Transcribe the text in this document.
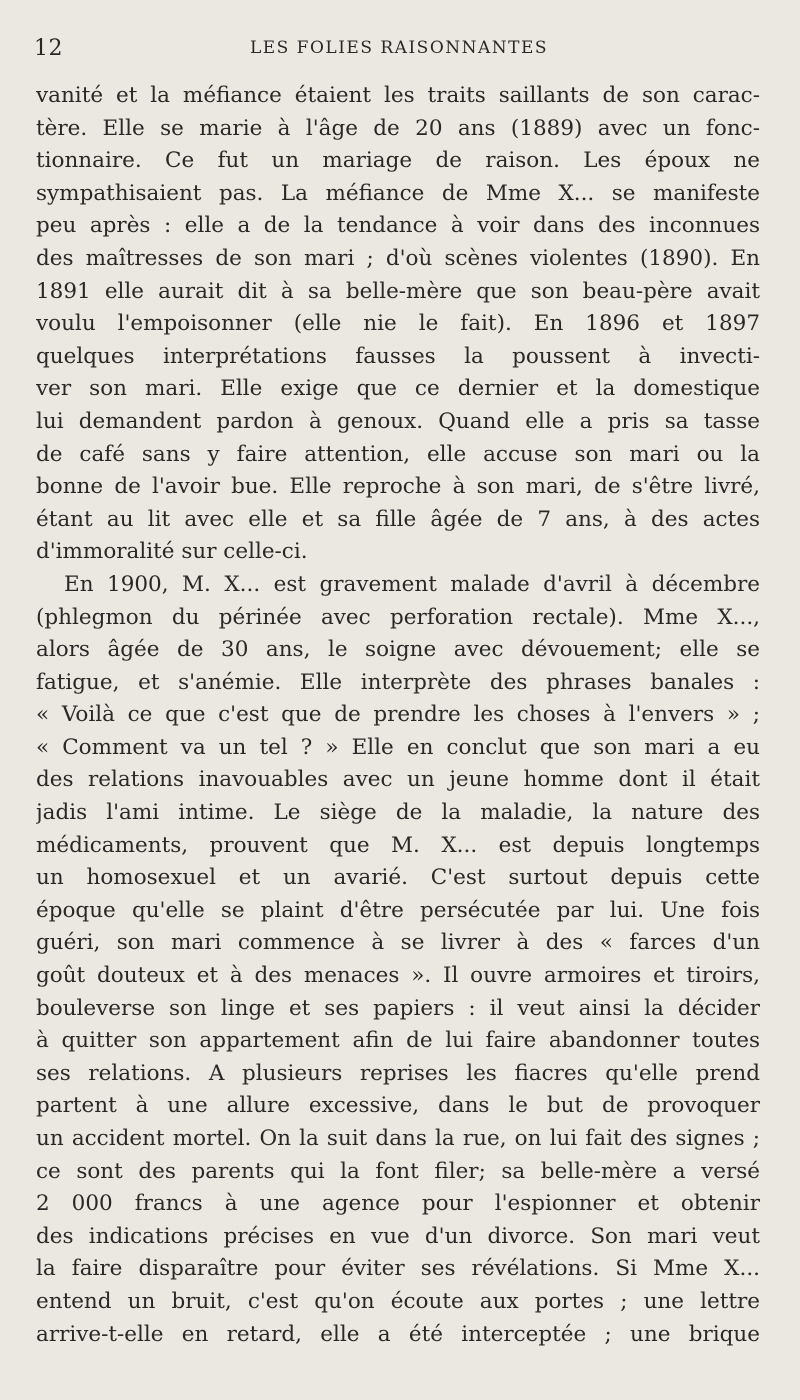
12	LES FOLIES RAISONNANTES
vanité et la méfiance étaient les traits saillants de son carac-
tère. Elle se marie à l'âge de 20 ans (1889) avec un fonc-
tionnaire. Ce fut un mariage de raison. Les époux ne
sympathisaient pas. La méfiance de Mme X... se manifeste
peu après : elle a de la tendance à voir dans des inconnues
des maîtresses de son mari ; d'où scènes violentes (1890). En
1891 elle aurait dit à sa belle-mère que son beau-père avait
voulu l'empoisonner (elle nie le fait). En 1896 et 1897
quelques interprétations fausses la poussent à invecti-
ver son mari. Elle exige que ce dernier et la domestique
lui demandent pardon à genoux. Quand elle a pris sa tasse
de café sans y faire attention, elle accuse son mari ou la
bonne de l'avoir bue. Elle reproche à son mari, de s'être livré,
étant au lit avec elle et sa fille âgée de 7 ans, à des actes
d'immoralité sur celle-ci.
En 1900, M. X... est gravement malade d'avril à décembre
(phlegmon du périnée avec perforation rectale). Mme X...,
alors âgée de 30 ans, le soigne avec dévouement; elle se
fatigue, et s'anémie. Elle interprète des phrases banales :
« Voilà ce que c'est que de prendre les choses à l'envers » ;
« Comment va un tel ? » Elle en conclut que son mari a eu
des relations inavouables avec un jeune homme dont il était
jadis l'ami intime. Le siège de la maladie, la nature des
médicaments, prouvent que M. X... est depuis longtemps
un homosexuel et un avarié. C'est surtout depuis cette
époque qu'elle se plaint d'être persécutée par lui. Une fois
guéri, son mari commence à se livrer à des « farces d'un
goût douteux et à des menaces ». Il ouvre armoires et tiroirs,
bouleverse son linge et ses papiers : il veut ainsi la décider
à quitter son appartement afin de lui faire abandonner toutes
ses relations. A plusieurs reprises les fiacres qu'elle prend
partent à une allure excessive, dans le but de provoquer
un accident mortel. On la suit dans la rue, on lui fait des signes ;
ce sont des parents qui la font filer; sa belle-mère a versé
2 000 francs à une agence pour l'espionner et obtenir
des indications précises en vue d'un divorce. Son mari veut
la faire disparaître pour éviter ses révélations. Si Mme X...
entend un bruit, c'est qu'on écoute aux portes ; une lettre
arrive-t-elle en retard, elle a été interceptée ; une brique
